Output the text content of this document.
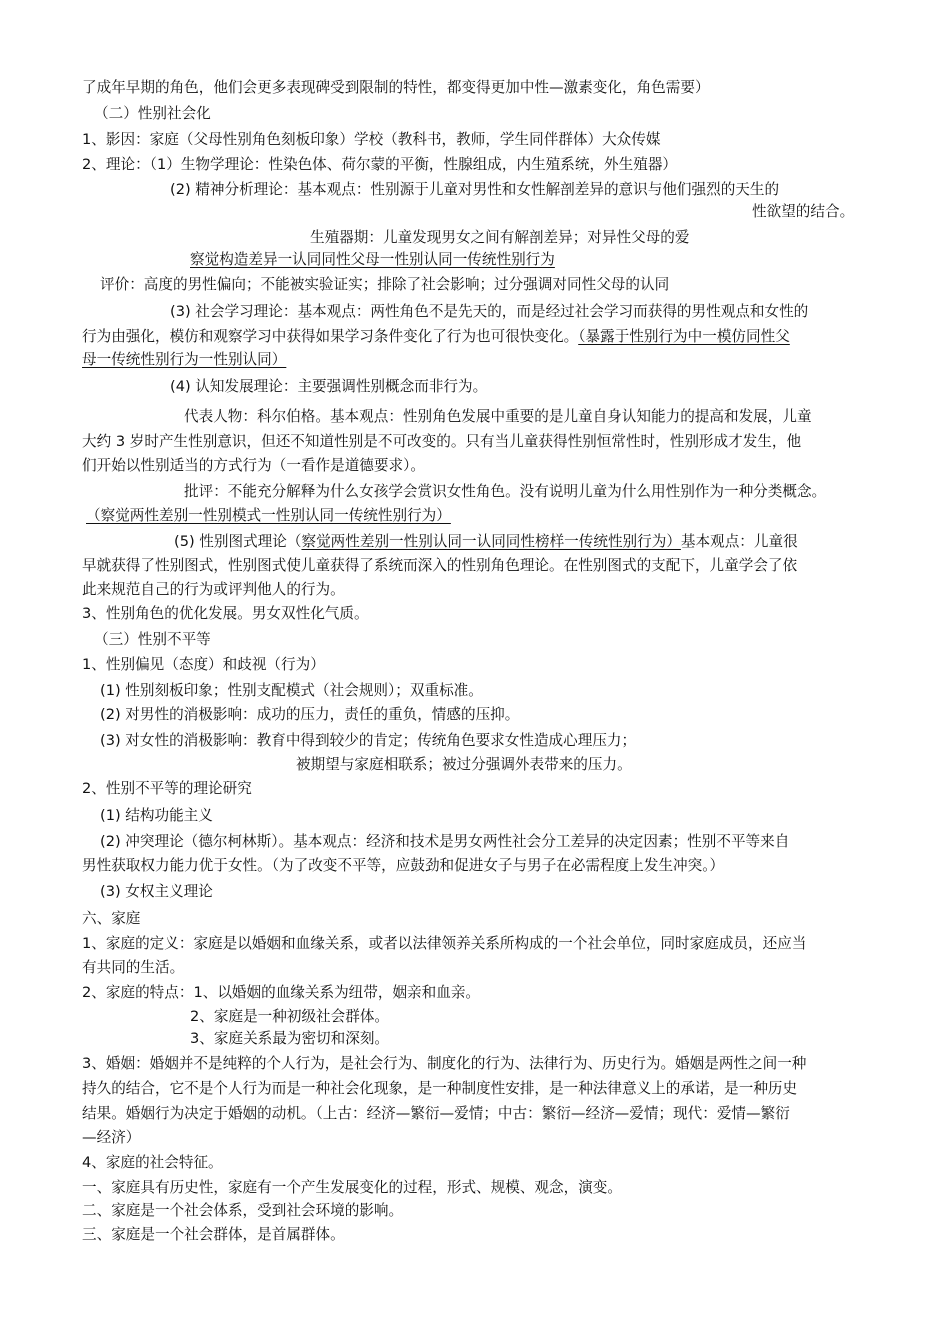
了成年早期的角色，他们会更多表现碑受到限制的特性，都变得更加中性—激素变化，角色需要）
（二）性别社会化
1、影因：家庭（父母性别角色刻板印象）学校（教科书，教师，学生同伴群体）大众传媒
2、理论：（1）生物学理论：性染色体、荷尔蒙的平衡，性腺组成，内生殖系统，外生殖器）
(2) 精神分析理论：基本观点：性别源于儿童对男性和女性解剖差异的意识与他们强烈的天生的
性欲望的结合。
生殖器期：儿童发现男女之间有解剖差异；对异性父母的爱
察觉构造差异一认同同性父母一性别认同一传统性别行为
评价：高度的男性偏向；不能被实验证实；排除了社会影响；过分强调对同性父母的认同
(3) 社会学习理论：基本观点：两性角色不是先天的，而是经过社会学习而获得的男性观点和女性的
行为由强化，模仿和观察学习中获得如果学习条件变化了行为也可很快变化。（暴露于性别行为中一模仿同性父
母一传统性别行为一性别认同）
(4) 认知发展理论：主要强调性别概念而非行为。
代表人物：科尔伯格。基本观点：性别角色发展中重要的是儿童自身认知能力的提高和发展，儿童
大约 3 岁时产生性别意识，但还不知道性别是不可改变的。只有当儿童获得性别恒常性时，性别形成才发生，他
们开始以性别适当的方式行为（一看作是道德要求）。
批评：不能充分解释为什么女孩学会赏识女性角色。没有说明儿童为什么用性别作为一种分类概念。
（察觉两性差别一性别模式一性别认同一传统性别行为）
(5) 性别图式理论（察觉两性差别一性别认同一认同同性榜样一传统性别行为）基本观点：儿童很
早就获得了性别图式，性别图式使儿童获得了系统而深入的性别角色理论。在性别图式的支配下，儿童学会了依
此来规范自己的行为或评判他人的行为。
3、性别角色的优化发展。男女双性化气质。
（三）性别不平等
1、性别偏见（态度）和歧视（行为）
(1) 性别刻板印象；性别支配模式（社会规则）；双重标准。
(2) 对男性的消极影响：成功的压力，责任的重负，情感的压抑。
(3) 对女性的消极影响：教育中得到较少的肯定；传统角色要求女性造成心理压力；
被期望与家庭相联系；被过分强调外表带来的压力。
2、性别不平等的理论研究
(1) 结构功能主义
(2) 冲突理论（德尔柯林斯）。基本观点：经济和技术是男女两性社会分工差异的决定因素；性别不平等来自
男性获取权力能力优于女性。（为了改变不平等，应鼓劲和促进女子与男子在必需程度上发生冲突。）
(3) 女权主义理论
六、家庭
1、家庭的定义：家庭是以婚姻和血缘关系，或者以法律领养关系所构成的一个社会单位，同时家庭成员，还应当
有共同的生活。
2、家庭的特点：1、以婚姻的血缘关系为纽带，姻亲和血亲。
2、家庭是一种初级社会群体。
3、家庭关系最为密切和深刻。
3、婚姻：婚姻并不是纯粹的个人行为，是社会行为、制度化的行为、法律行为、历史行为。婚姻是两性之间一种
持久的结合，它不是个人行为而是一种社会化现象，是一种制度性安排，是一种法律意义上的承诺，是一种历史
结果。婚姻行为决定于婚姻的动机。（上古：经济—繁衍—爱情；中古：繁衍—经济—爱情；现代：爱情—繁衍
—经济）
4、家庭的社会特征。
一、家庭具有历史性，家庭有一个产生发展变化的过程，形式、规模、观念，演变。
二、家庭是一个社会体系，受到社会环境的影响。
三、家庭是一个社会群体，是首属群体。
